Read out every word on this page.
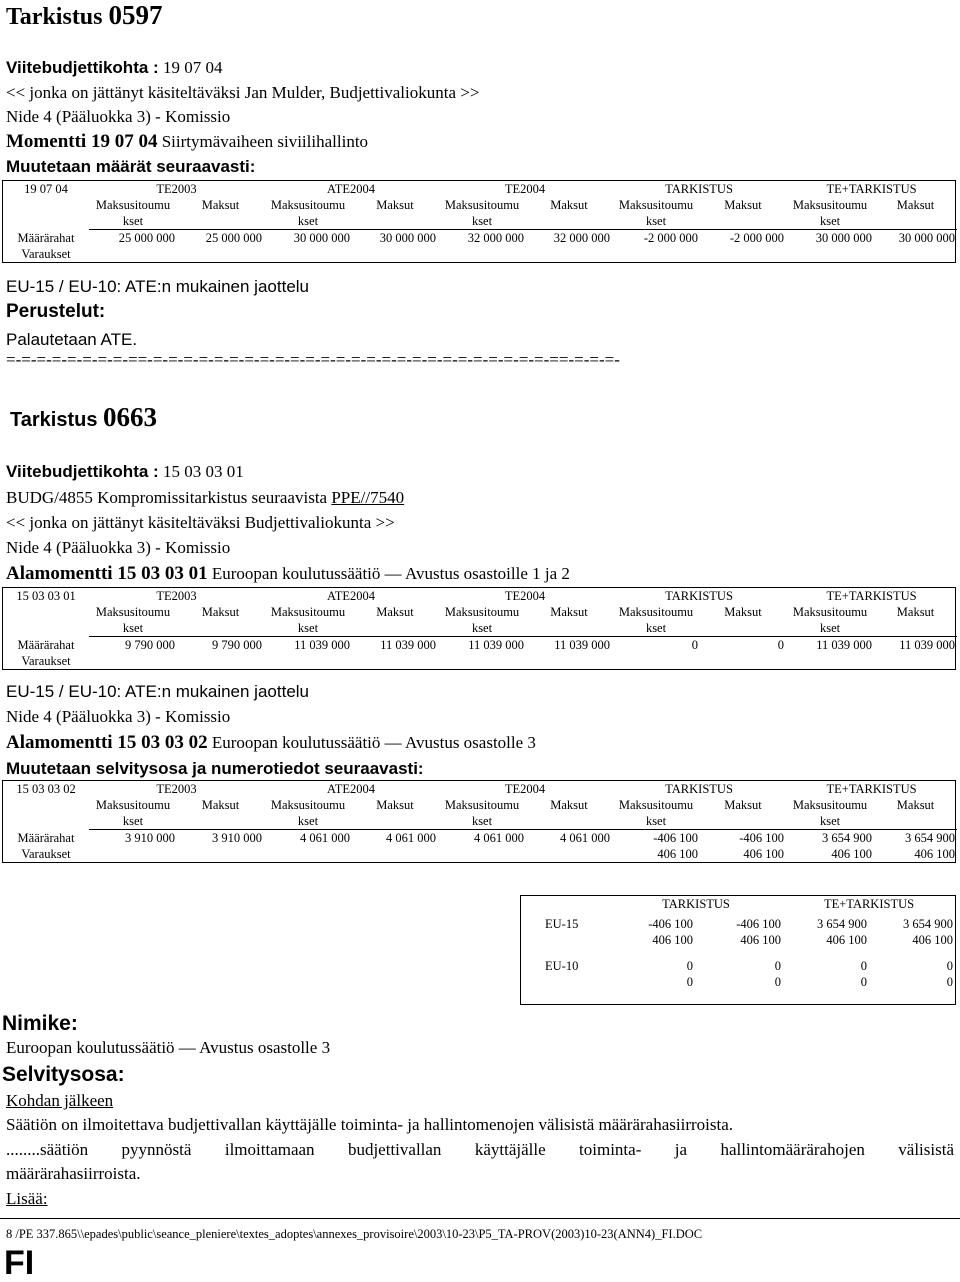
Tarkistus 0597
Viitebudjettikohta : 19 07 04
<< jonka on jättänyt käsiteltäväksi Jan Mulder, Budjettivaliokunta >>
Nide 4 (Pääluokka 3) - Komissio
Momentti 19 07 04 Siirtymävaiheen siviilihallinto
Muutetaan määrät seuraavasti:
19 07 04	TE2003		ATE2004		TE2004		TARKISTUS		TE+TARKISTUS	
	Maksusitoumu	Maksut	Maksusitoumu	Maksut	Maksusitoumu	Maksut	Maksusitoumu	Maksut	Maksusitoumu	Maksut
	kset		kset		kset		kset		kset	
Määrärahat	25 000 000	25 000 000	30 000 000	30 000 000	32 000 000	32 000 000	-2 000 000	-2 000 000	30 000 000	30 000 000
Varaukset										
EU-15 / EU-10: ATE:n mukainen jaottelu
Perustelut:
Palautetaan ATE.
=-=-=-=-=-=-=-=-==-=-=-=-=-=-=-=-=-=-=-=-=-=-=-=-=-=-=-=-=-=-=-=-=-=-=-==-=-=-=-
Tarkistus 0663
Viitebudjettikohta : 15 03 03 01
BUDG/4855 Kompromissitarkistus seuraavista PPE//7540
<< jonka on jättänyt käsiteltäväksi Budjettivaliokunta >>
Nide 4 (Pääluokka 3) - Komissio
Alamomentti 15 03 03 01 Euroopan koulutussäätiö — Avustus osastoille 1 ja 2
15 03 03 01	TE2003		ATE2004		TE2004		TARKISTUS		TE+TARKISTUS	
	Maksusitoumu	Maksut	Maksusitoumu	Maksut	Maksusitoumu	Maksut	Maksusitoumu	Maksut	Maksusitoumu	Maksut
	kset		kset		kset		kset		kset	
Määrärahat	9 790 000	9 790 000	11 039 000	11 039 000	11 039 000	11 039 000	0	0	11 039 000	11 039 000
Varaukset										
EU-15 / EU-10: ATE:n mukainen jaottelu
Nide 4 (Pääluokka 3) - Komissio
Alamomentti 15 03 03 02 Euroopan koulutussäätiö — Avustus osastolle 3
Muutetaan selvitysosa ja numerotiedot seuraavasti:
15 03 03 02	TE2003		ATE2004		TE2004		TARKISTUS		TE+TARKISTUS	
	Maksusitoumu	Maksut	Maksusitoumu	Maksut	Maksusitoumu	Maksut	Maksusitoumu	Maksut	Maksusitoumu	Maksut
	kset		kset		kset		kset		kset	
Määrärahat	3 910 000	3 910 000	4 061 000	4 061 000	4 061 000	4 061 000	-406 100	-406 100	3 654 900	3 654 900
Varaukset							406 100	406 100	406 100	406 100
	TARKISTUS		TE+TARKISTUS	

EU-15	-406 100	-406 100	3 654 900	3 654 900
	406 100	406 100	406 100	406 100

EU-10	0	0	0	0
	0	0	0	0
Nimike:
Euroopan koulutussäätiö — Avustus osastolle 3
Selvitysosa:
Kohdan jälkeen
Säätiön on ilmoitettava budjettivallan käyttäjälle toiminta- ja hallintomenojen välisistä määrärahasiirroista.
........säätiön pyynnöstä ilmoittamaan budjettivallan käyttäjälle toiminta- ja hallintomäärärahojen välisistä
määrärahasiirroista.
Lisää:
8 /PE 337.865\\epades\public\seance_pleniere\textes_adoptes\annexes_provisoire\2003\10-23\P5_TA-PROV(2003)10-23(ANN4)_FI.DOC
FI
